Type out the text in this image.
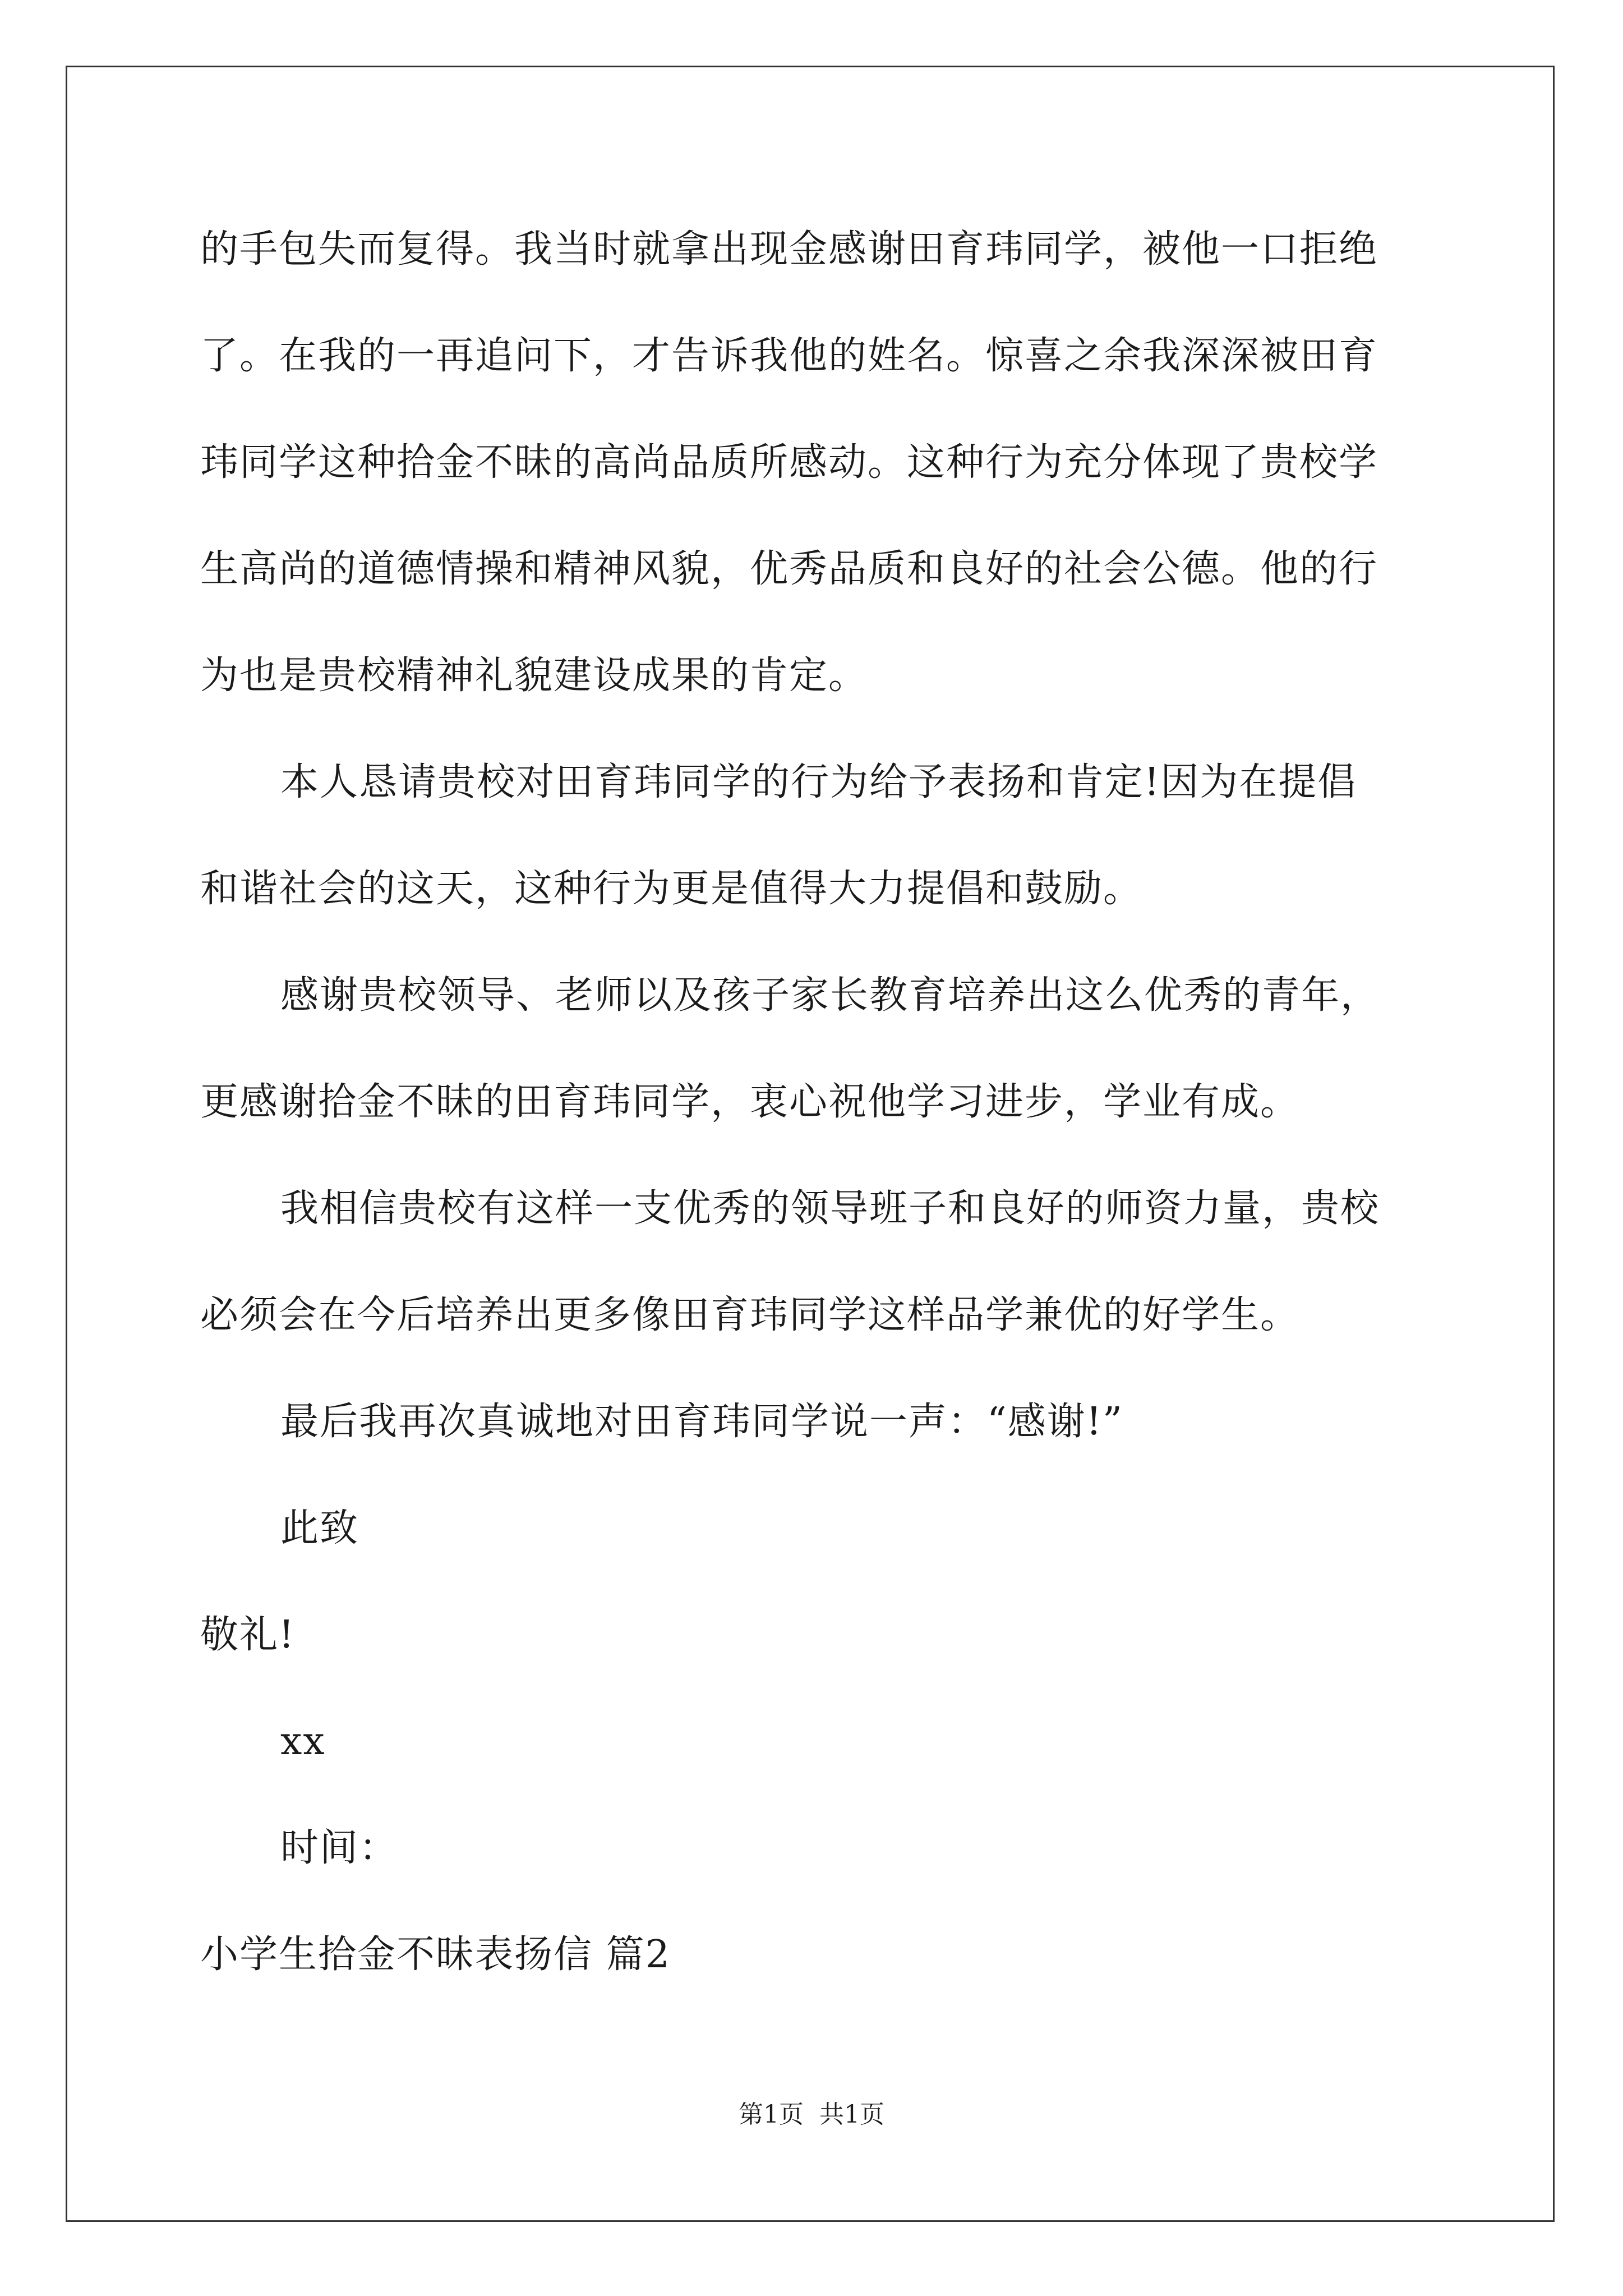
的手包失而复得。我当时就拿出现金感谢田育玮同学，被他一口拒绝
了。在我的一再追问下，才告诉我他的姓名。惊喜之余我深深被田育
玮同学这种拾金不昧的高尚品质所感动。这种行为充分体现了贵校学
生高尚的道德情操和精神风貌，优秀品质和良好的社会公德。他的行
为也是贵校精神礼貌建设成果的肯定。
本人恳请贵校对田育玮同学的行为给予表扬和肯定!因为在提倡
和谐社会的这天，这种行为更是值得大力提倡和鼓励。
感谢贵校领导、老师以及孩子家长教育培养出这么优秀的青年，
更感谢拾金不昧的田育玮同学，衷心祝他学习进步，学业有成。
我相信贵校有这样一支优秀的领导班子和良好的师资力量，贵校
必须会在今后培养出更多像田育玮同学这样品学兼优的好学生。
最后我再次真诚地对田育玮同学说一声：“感谢!”
此致
敬礼!
xx
时间：
小学生拾金不昧表扬信 篇2
第1页 共1页
